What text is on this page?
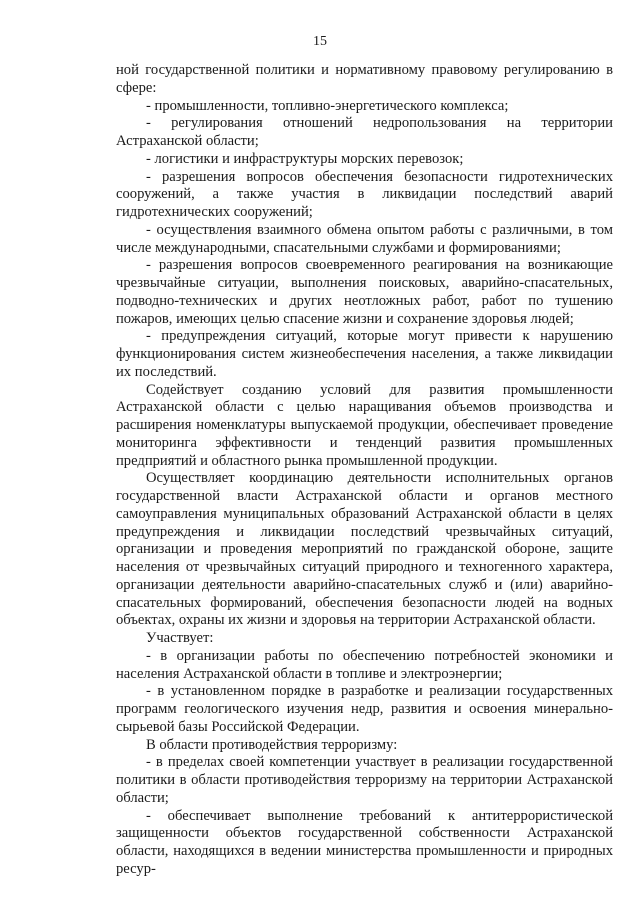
15

ной государственной политики и нормативному правовому регулированию в сфере:

- промышленности, топливно-энергетического комплекса;

- регулирования отношений недропользования на территории Астраханской области;

- логистики и инфраструктуры морских перевозок;

- разрешения вопросов обеспечения безопасности гидротехнических сооружений, а также участия в ликвидации последствий аварий гидротехнических сооружений;

- осуществления взаимного обмена опытом работы с различными, в том числе международными, спасательными службами и формированиями;

- разрешения вопросов своевременного реагирования на возникающие чрезвычайные ситуации, выполнения поисковых, аварийно-спасательных, подводно-технических и других неотложных работ, работ по тушению пожаров, имеющих целью спасение жизни и сохранение здоровья людей;

- предупреждения ситуаций, которые могут привести к нарушению функционирования систем жизнеобеспечения населения, а также ликвидации их последствий.

Содействует созданию условий для развития промышленности Астраханской области с целью наращивания объемов производства и расширения номенклатуры выпускаемой продукции, обеспечивает проведение мониторинга эффективности и тенденций развития промышленных предприятий и областного рынка промышленной продукции.

Осуществляет координацию деятельности исполнительных органов государственной власти Астраханской области и органов местного самоуправления муниципальных образований Астраханской области в целях предупреждения и ликвидации последствий чрезвычайных ситуаций, организации и проведения мероприятий по гражданской обороне, защите населения от чрезвычайных ситуаций природного и техногенного характера, организации деятельности аварийно-спасательных служб и (или) аварийно-спасательных формирований, обеспечения безопасности людей на водных объектах, охраны их жизни и здоровья на территории Астраханской области.

Участвует:

- в организации работы по обеспечению потребностей экономики и населения Астраханской области в топливе и электроэнергии;

- в установленном порядке в разработке и реализации государственных программ геологического изучения недр, развития и освоения минерально-сырьевой базы Российской Федерации.

В области противодействия терроризму:

- в пределах своей компетенции участвует в реализации государственной политики в области противодействия терроризму на территории Астраханской области;

- обеспечивает выполнение требований к антитеррористической защищенности объектов государственной собственности Астраханской области, находящихся в ведении министерства промышленности и природных ресур-
